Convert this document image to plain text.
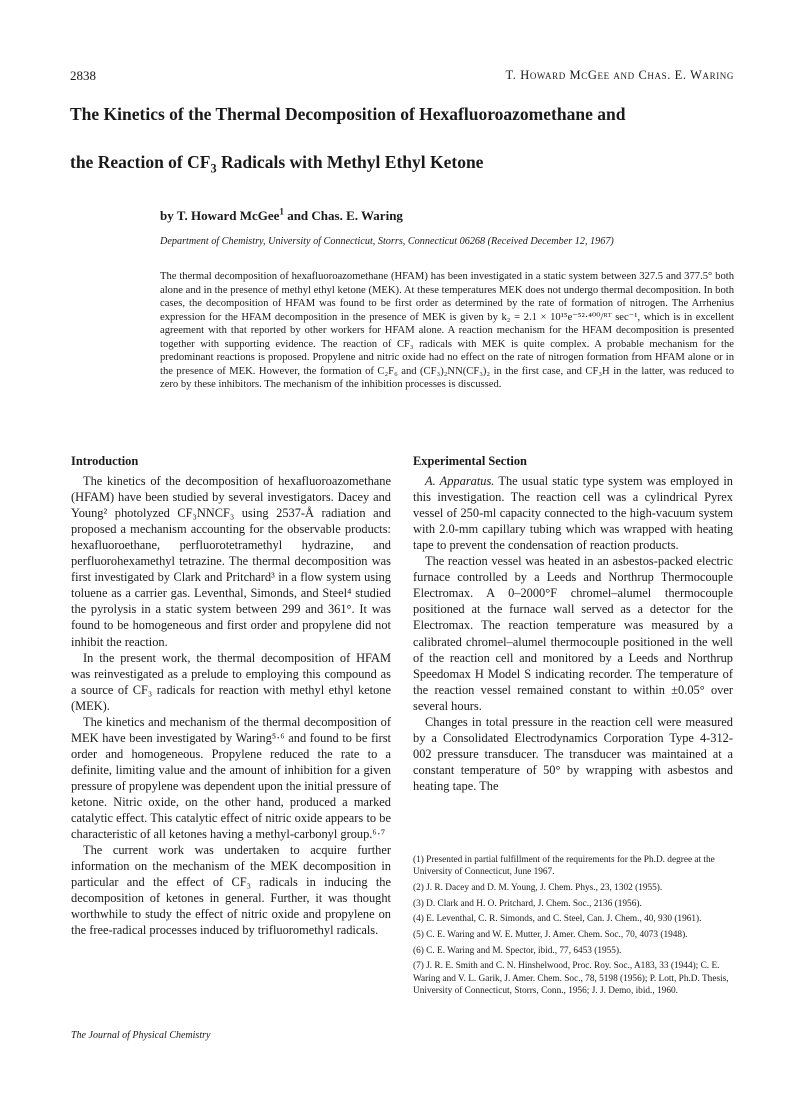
2838	T. Howard McGee and Chas. E. Waring
The Kinetics of the Thermal Decomposition of Hexafluoroazomethane and
the Reaction of $CF_3$ Radicals with Methyl Ethyl Ketone
by T. Howard McGee$^1$ and Chas. E. Waring
Department of Chemistry, University of Connecticut, Storrs, Connecticut 06268 (Received December 12, 1967)
The thermal decomposition of hexafluoroazomethane (HFAM) has been investigated in a static system between 327.5 and 377.5° both alone and in the presence of methyl ethyl ketone (MEK). At these temperatures MEK does not undergo thermal decomposition. In both cases, the decomposition of HFAM was found to be first order as determined by the rate of formation of nitrogen. The Arrhenius expression for the HFAM decomposition in the presence of MEK is given by k₂ = 2.1 × 10¹⁵e⁻⁵²·⁴⁰⁰/ᴿᵀ sec⁻¹, which is in excellent agreement with that reported by other workers for HFAM alone. A reaction mechanism for the HFAM decomposition is presented together with supporting evidence. The reaction of CF₃ radicals with MEK is quite complex. A probable mechanism for the predominant reactions is proposed. Propylene and nitric oxide had no effect on the rate of nitrogen formation from HFAM alone or in the presence of MEK. However, the formation of C₂F₆ and (CF₃)₂NN(CF₃)₂ in the first case, and CF₃H in the latter, was reduced to zero by these inhibitors. The mechanism of the inhibition processes is discussed.
Introduction

The kinetics of the decomposition of hexafluoroazomethane (HFAM) have been studied by several investigators. Dacey and Young² photolyzed CF₃NNCF₃ using 2537-Å radiation and proposed a mechanism accounting for the observable products: hexafluoroethane, perfluorotetramethyl hydrazine, and perfluorohexamethyl tetrazine. The thermal decomposition was first investigated by Clark and Pritchard³ in a flow system using toluene as a carrier gas. Leventhal, Simonds, and Steel⁴ studied the pyrolysis in a static system between 299 and 361°. It was found to be homogeneous and first order and propylene did not inhibit the reaction.

In the present work, the thermal decomposition of HFAM was reinvestigated as a prelude to employing this compound as a source of CF₃ radicals for reaction with methyl ethyl ketone (MEK).

The kinetics and mechanism of the thermal decomposition of MEK have been investigated by Waring⁵·⁶ and found to be first order and homogeneous. Propylene reduced the rate to a definite, limiting value and the amount of inhibition for a given pressure of propylene was dependent upon the initial pressure of ketone. Nitric oxide, on the other hand, produced a marked catalytic effect. This catalytic effect of nitric oxide appears to be characteristic of all ketones having a methyl-carbonyl group.⁶·⁷

The current work was undertaken to acquire further information on the mechanism of the MEK decomposition in particular and the effect of CF₃ radicals in inducing the decomposition of ketones in general. Further, it was thought worthwhile to study the effect of nitric oxide and propylene on the free-radical processes induced by trifluoromethyl radicals.

Experimental Section

A. Apparatus. The usual static type system was employed in this investigation. The reaction cell was a cylindrical Pyrex vessel of 250-ml capacity connected to the high-vacuum system with 2.0-mm capillary tubing which was wrapped with heating tape to prevent the condensation of reaction products.

The reaction vessel was heated in an asbestos-packed electric furnace controlled by a Leeds and Northrup Thermocouple Electromax. A 0–2000°F chromel–alumel thermocouple positioned at the furnace wall served as a detector for the Electromax. The reaction temperature was measured by a calibrated chromel–alumel thermocouple positioned in the well of the reaction cell and monitored by a Leeds and Northrup Speedomax H Model S indicating recorder. The temperature of the reaction vessel remained constant to within ±0.05° over several hours.

Changes in total pressure in the reaction cell were measured by a Consolidated Electrodynamics Corporation Type 4-312-002 pressure transducer. The transducer was maintained at a constant temperature of 50° by wrapping with asbestos and heating tape. The

(1) Presented in partial fulfillment of the requirements for the Ph.D. degree at the University of Connecticut, June 1967.
(2) J. R. Dacey and D. M. Young, J. Chem. Phys., 23, 1302 (1955).
(3) D. Clark and H. O. Pritchard, J. Chem. Soc., 2136 (1956).
(4) E. Leventhal, C. R. Simonds, and C. Steel, Can. J. Chem., 40, 930 (1961).
(5) C. E. Waring and W. E. Mutter, J. Amer. Chem. Soc., 70, 4073 (1948).
(6) C. E. Waring and M. Spector, ibid., 77, 6453 (1955).
(7) J. R. E. Smith and C. N. Hinshelwood, Proc. Roy. Soc., A183, 33 (1944); C. E. Waring and V. L. Garik, J. Amer. Chem. Soc., 78, 5198 (1956); P. Lott, Ph.D. Thesis, University of Connecticut, Storrs, Conn., 1956; J. J. Demo, ibid., 1960.
The Journal of Physical Chemistry
